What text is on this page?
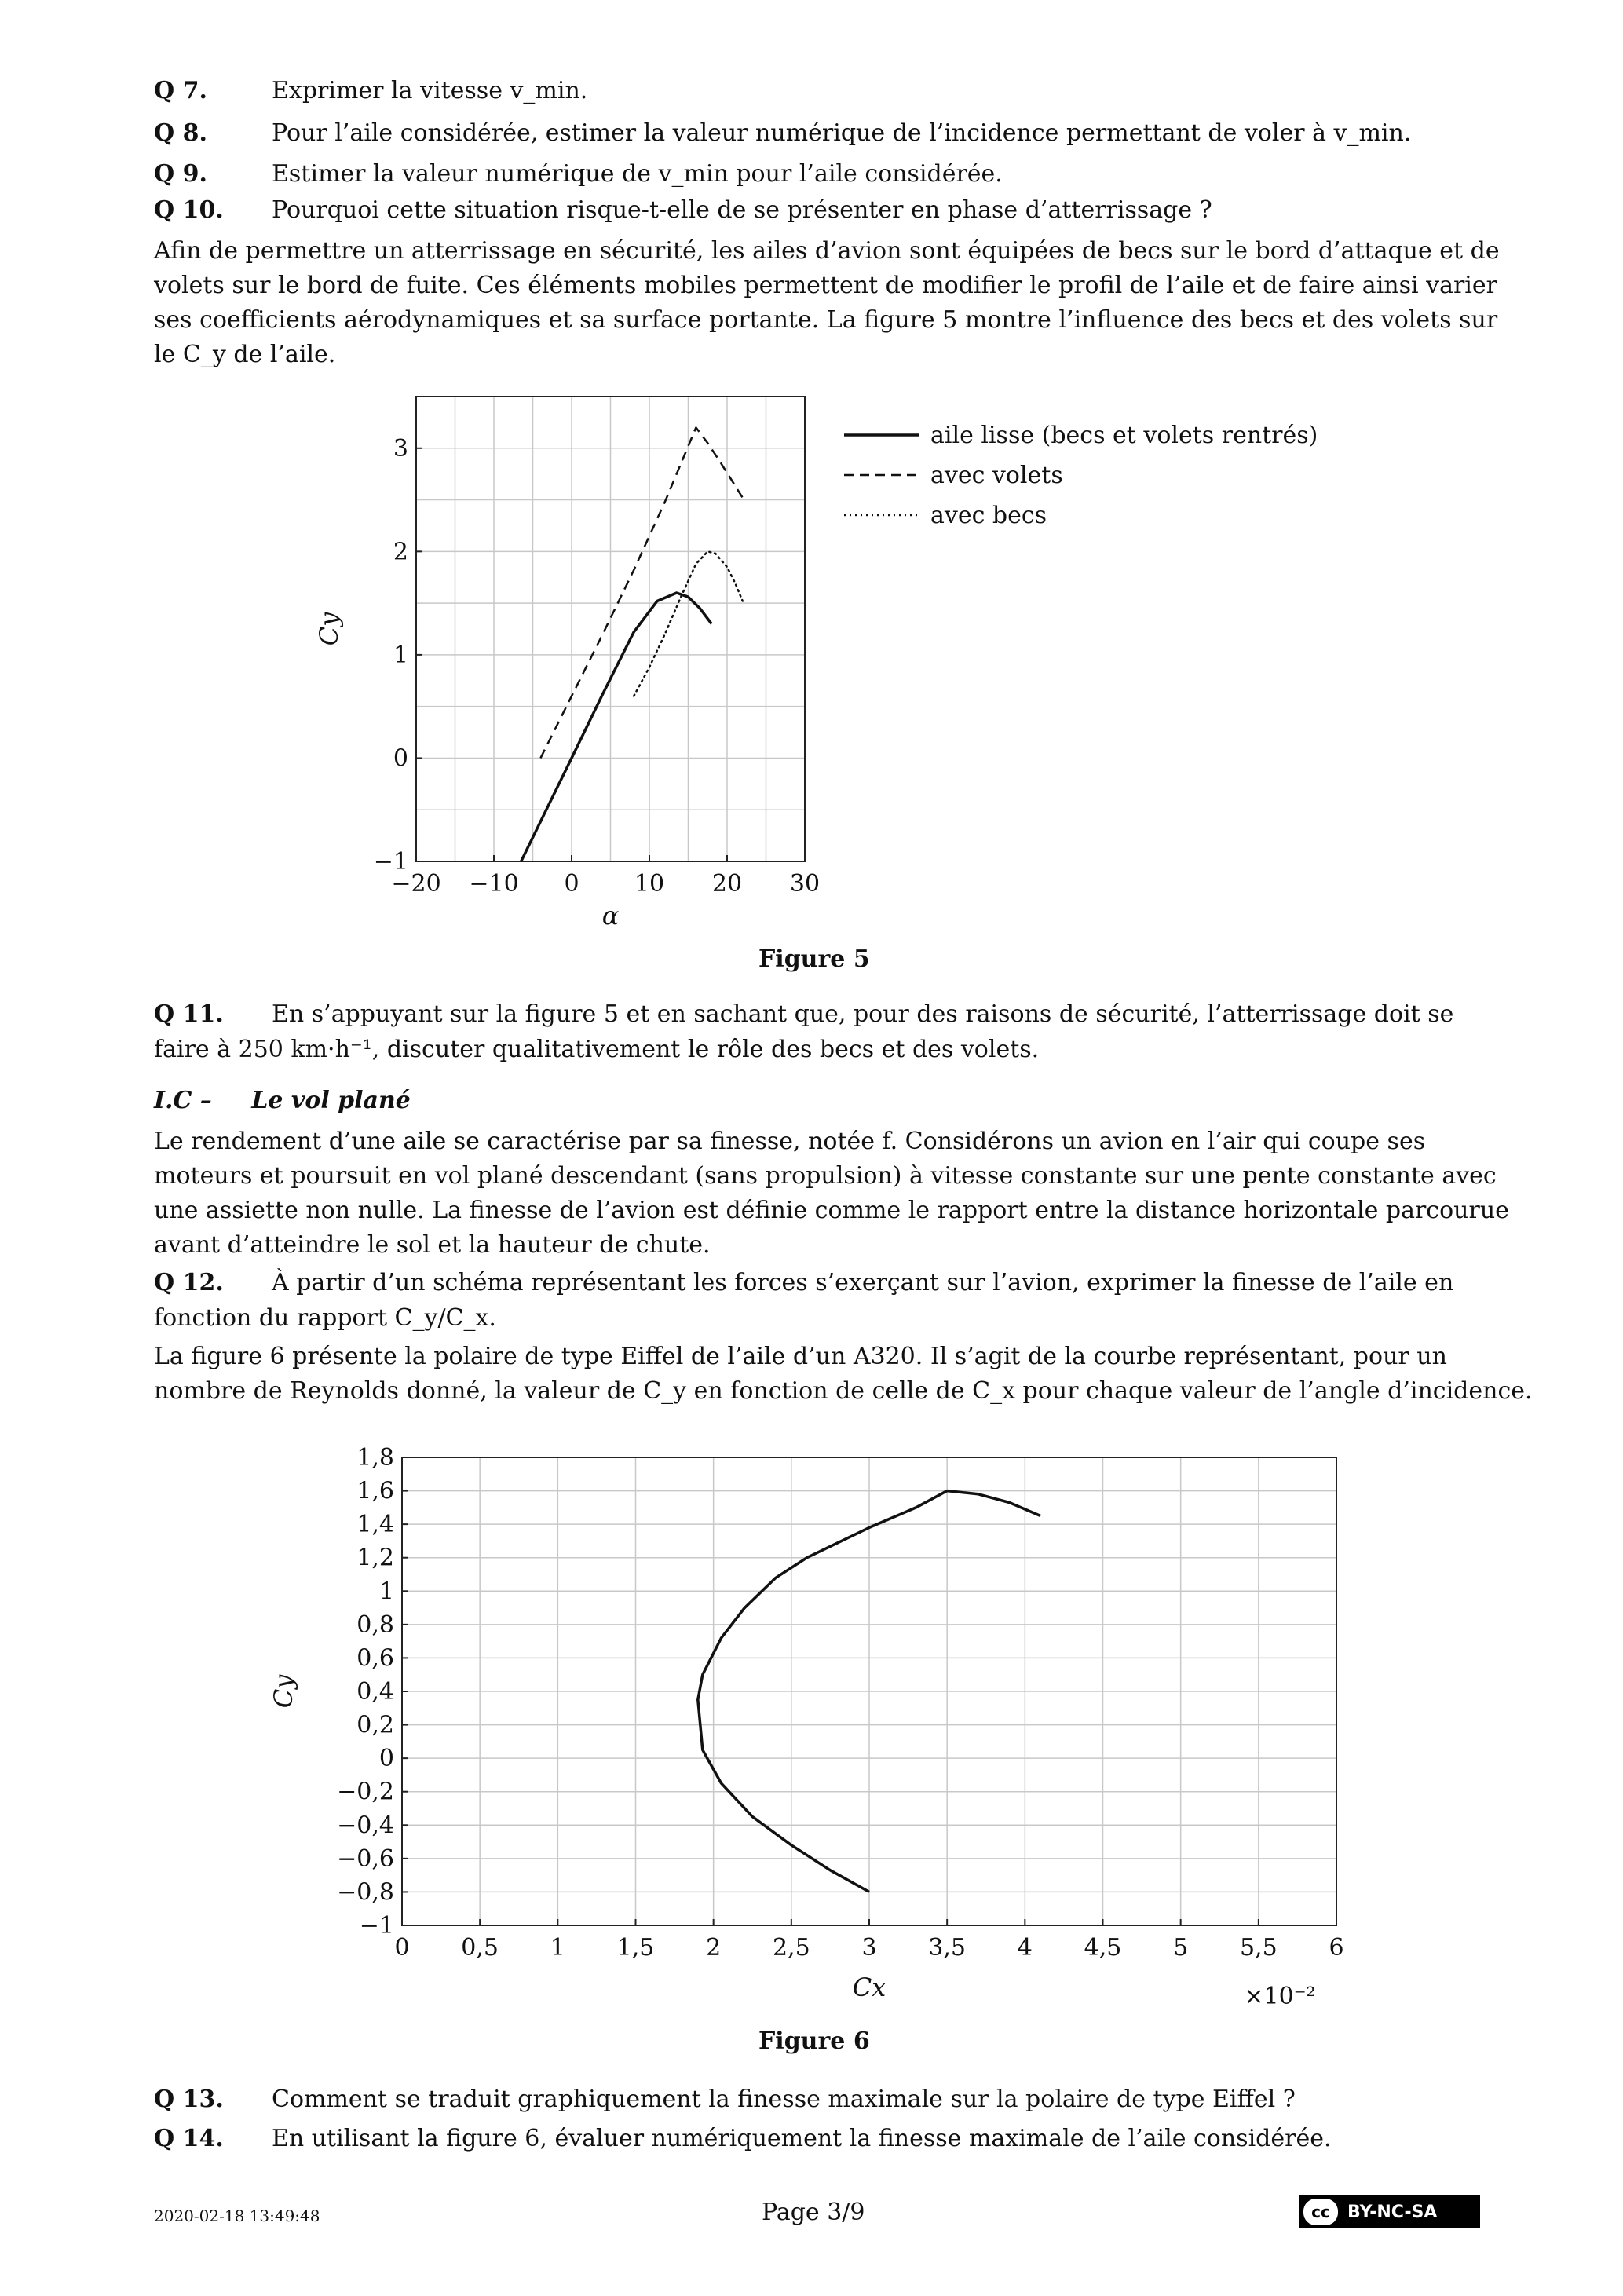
Q 7.	Exprimer la vitesse v_min.
Q 8.	Pour l’aile considérée, estimer la valeur numérique de l’incidence permettant de voler à v_min.
Q 9.	Estimer la valeur numérique de v_min pour l’aile considérée.
Q 10. Pourquoi cette situation risque-t-elle de se présenter en phase d’atterrissage ?
Afin de permettre un atterrissage en sécurité, les ailes d’avion sont équipées de becs sur le bord d’attaque et de
volets sur le bord de fuite. Ces éléments mobiles permettent de modifier le profil de l’aile et de faire ainsi varier
ses coefficients aérodynamiques et sa surface portante. La figure 5 montre l’influence des becs et des volets sur
le C_y de l’aile.
−20 −10 0 10 20 30
−1
0
1
2
3
α
Cy
aile lisse (becs et volets rentrés)
avec volets
avec becs
Figure 5
Q 11. En s’appuyant sur la figure 5 et en sachant que, pour des raisons de sécurité, l’atterrissage doit se
faire à 250 km·h⁻¹, discuter qualitativement le rôle des becs et des volets.
I.C – Le vol plané
Le rendement d’une aile se caractérise par sa finesse, notée f. Considérons un avion en l’air qui coupe ses
moteurs et poursuit en vol plané descendant (sans propulsion) à vitesse constante sur une pente constante avec
une assiette non nulle. La finesse de l’avion est définie comme le rapport entre la distance horizontale parcourue
avant d’atteindre le sol et la hauteur de chute.
Q 12. À partir d’un schéma représentant les forces s’exerçant sur l’avion, exprimer la finesse de l’aile en
fonction du rapport C_y/C_x.
La figure 6 présente la polaire de type Eiffel de l’aile d’un A320. Il s’agit de la courbe représentant, pour un
nombre de Reynolds donné, la valeur de C_y en fonction de celle de C_x pour chaque valeur de l’angle d’incidence.
0 0,5 1 1,5 2 2,5 3 3,5 4 4,5 5 5,5 6
−1
−0,8
−0,6
−0,4
−0,2
0
0,2
0,4
0,6
0,8
1
1,2
1,4
1,6
1,8
Cx
Cy
×10⁻²
Figure 6
Q 13. Comment se traduit graphiquement la finesse maximale sur la polaire de type Eiffel ?
Q 14. En utilisant la figure 6, évaluer numériquement la finesse maximale de l’aile considérée.
2020-02-18 13:49:48	Page 3/9	cc	BY-NC-SA
